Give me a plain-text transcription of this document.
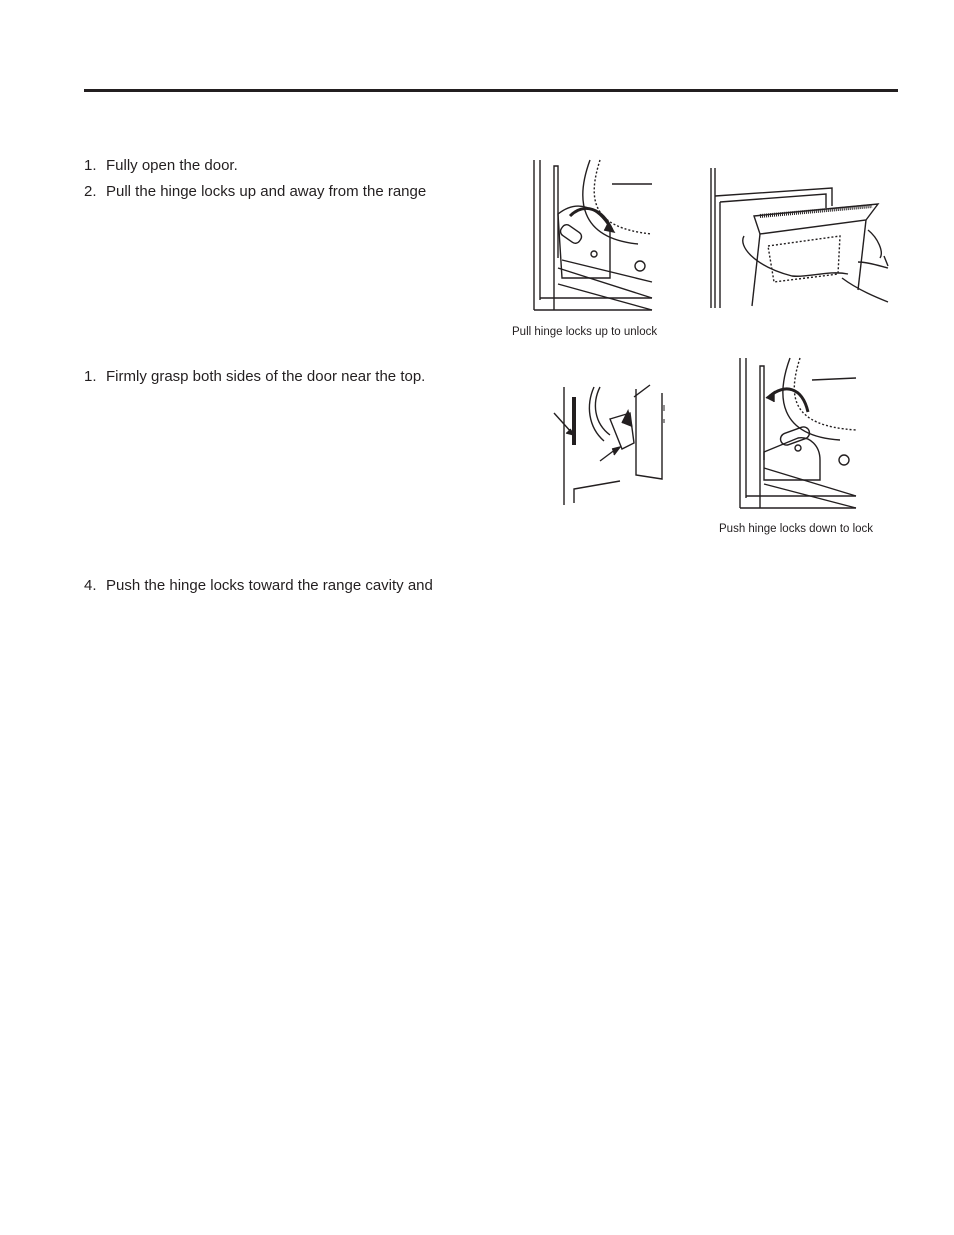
1. Fully open the door.
2. Pull the hinge locks up and away from the range
Pull hinge locks up to unlock
1. Firmly grasp both sides of the door near the top.
Push hinge locks down to lock
4. Push the hinge locks toward the range cavity and
